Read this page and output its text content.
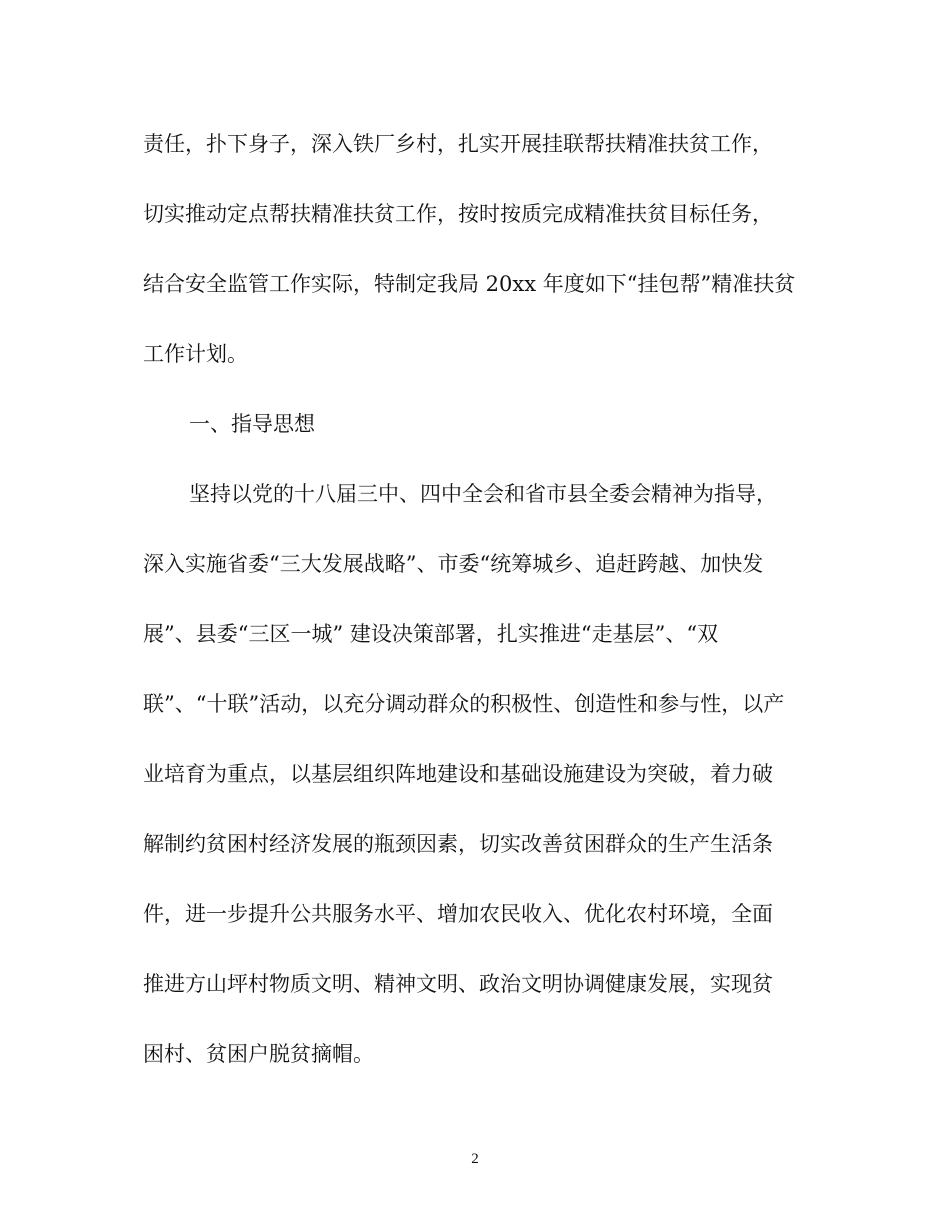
责任，扑下身子，深入铁厂乡村，扎实开展挂联帮扶精准扶贫工作，
切实推动定点帮扶精准扶贫工作，按时按质完成精准扶贫目标任务，
结合安全监管工作实际，特制定我局 20xx 年度如下“挂包帮”精准扶贫
工作计划。
一、指导思想
坚持以党的十八届三中、四中全会和省市县全委会精神为指导，
深入实施省委“三大发展战略”、市委“统筹城乡、追赶跨越、加快发
展”、县委“三区一城” 建设决策部署，扎实推进“走基层”、“双
联”、“十联”活动，以充分调动群众的积极性、创造性和参与性，以产
业培育为重点，以基层组织阵地建设和基础设施建设为突破，着力破
解制约贫困村经济发展的瓶颈因素，切实改善贫困群众的生产生活条
件，进一步提升公共服务水平、增加农民收入、优化农村环境，全面
推进方山坪村物质文明、精神文明、政治文明协调健康发展，实现贫
困村、贫困户脱贫摘帽。
2
